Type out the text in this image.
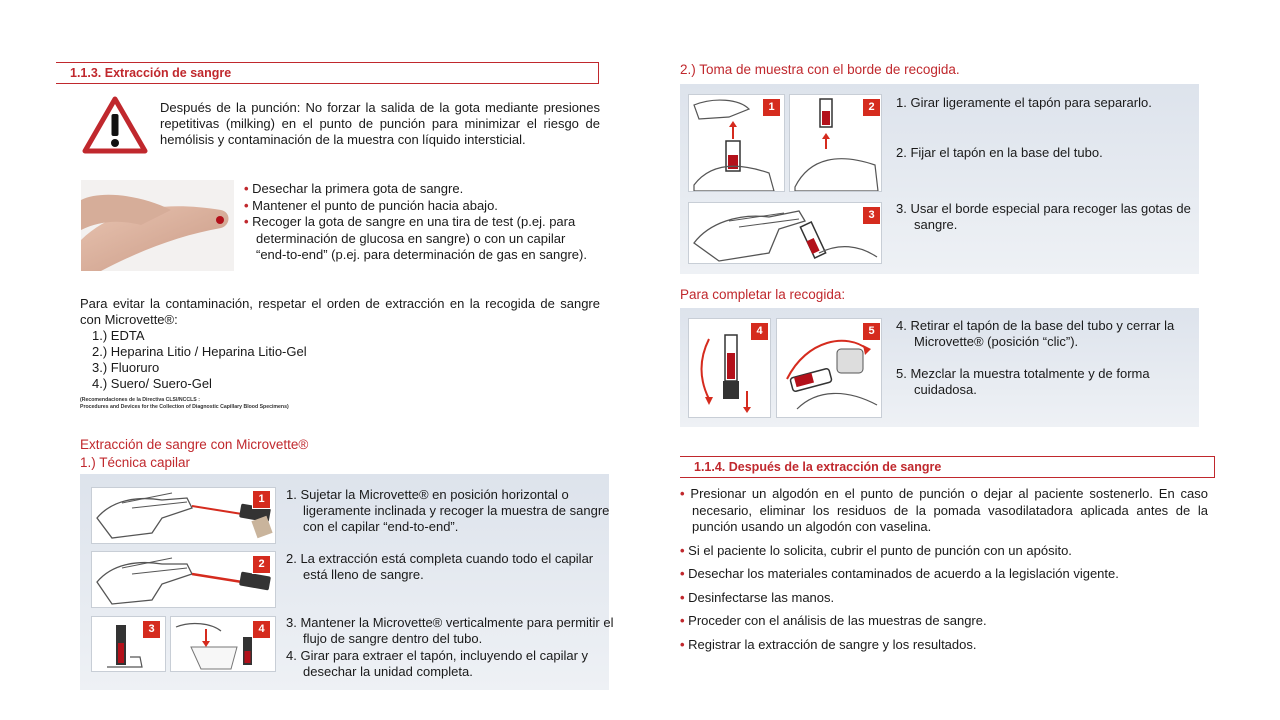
1.1.3. Extracción de sangre
Después de la punción: No forzar la salida de la gota mediante presiones repetitivas (milking) en el punto de punción para minimizar el riesgo de hemólisis y contaminación de la muestra con líquido intersticial.
• Desechar la primera gota de sangre.
• Mantener el punto de punción hacia abajo.
• Recoger la gota de sangre en una tira de test (p.ej. para determinación de glucosa en sangre) o con un capilar “end-to-end” (p.ej. para determinación de gas en sangre).
Para evitar la contaminación, respetar el orden de extracción en la recogida de sangre con Microvette®:
1.) EDTA
2.) Heparina Litio / Heparina Litio-Gel
3.) Fluoruro
4.) Suero/ Suero-Gel
(Recomendaciones de la Directiva CLSI/NCCLS :
Procedures and Devices for the Collection of Diagnostic Capillary Blood Specimens)
Extracción de sangre con Microvette®
1.) Técnica capilar
1
2
3	4
1. Sujetar la Microvette® en posición horizontal o ligeramente inclinada y recoger la muestra de sangre con el capilar “end-to-end”.
2. La extracción está completa cuando todo el capilar está lleno de sangre.
3. Mantener la Microvette® verticalmente para permitir el flujo de sangre dentro del tubo.
4. Girar para extraer el tapón, incluyendo el capilar y desechar la unidad completa.
2.) Toma de muestra con el borde de recogida.
1	2
3
1. Girar ligeramente el tapón para separarlo.
2. Fijar el tapón en la base del tubo.
3. Usar el borde especial para recoger las gotas de sangre.
Para completar la recogida:
4	5	4. Retirar el tapón de la base del tubo y cerrar la Microvette® (posición “clic”).
5. Mezclar la muestra totalmente y de forma cuidadosa.
1.1.4. Después de la extracción de sangre
• Presionar un algodón en el punto de punción o dejar al paciente sostenerlo. En caso necesario, eliminar los residuos de la pomada vasodilatadora aplicada antes de la punción usando un algodón con vaselina.
• Si el paciente lo solicita, cubrir el punto de punción con un apósito.
• Desechar los materiales contaminados de acuerdo a la legislación vigente.
• Desinfectarse las manos.
• Proceder con el análisis de las muestras de sangre.
• Registrar la extracción de sangre y los resultados.
